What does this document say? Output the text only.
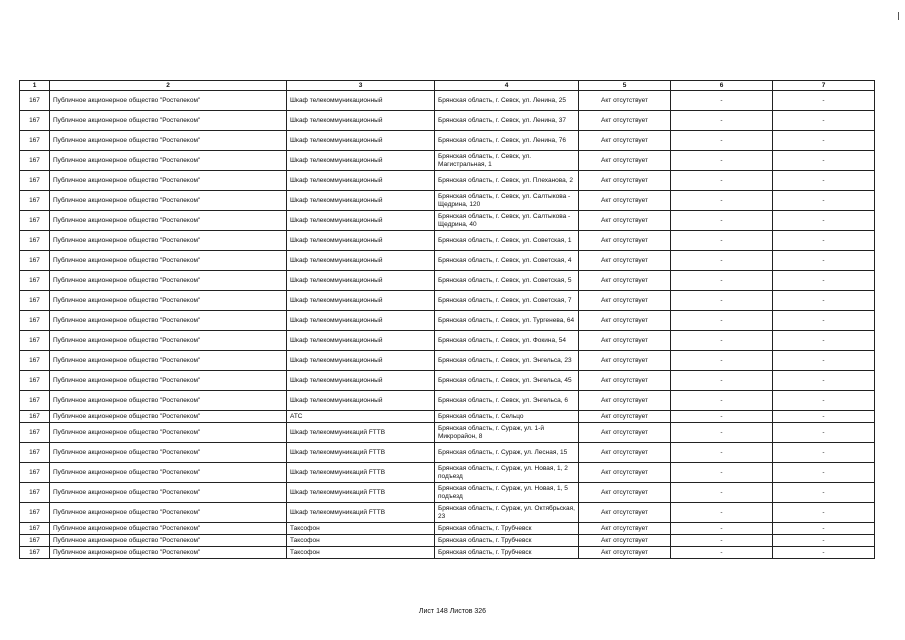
1	2	3	4	5	6	7
167	Публичное акционерное общество "Ростелеком"	Шкаф телекоммуникационный	Брянская область, г. Севск, ул. Ленина, 25	Акт отсутствует	-	-
167	Публичное акционерное общество "Ростелеком"	Шкаф телекоммуникационный	Брянская область, г. Севск, ул. Ленина, 37	Акт отсутствует	-	-
167	Публичное акционерное общество "Ростелеком"	Шкаф телекоммуникационный	Брянская область, г. Севск, ул. Ленина, 76	Акт отсутствует	-	-
167	Публичное акционерное общество "Ростелеком"	Шкаф телекоммуникационный	Брянская область, г. Севск, ул. Магистральная, 1	Акт отсутствует	-	-
167	Публичное акционерное общество "Ростелеком"	Шкаф телекоммуникационный	Брянская область, г. Севск, ул. Плеханова, 2	Акт отсутствует	-	-
167	Публичное акционерное общество "Ростелеком"	Шкаф телекоммуникационный	Брянская область, г. Севск, ул. Салтыкова - Щедрина, 120	Акт отсутствует	-	-
167	Публичное акционерное общество "Ростелеком"	Шкаф телекоммуникационный	Брянская область, г. Севск, ул. Салтыкова - Щедрина, 40	Акт отсутствует	-	-
167	Публичное акционерное общество "Ростелеком"	Шкаф телекоммуникационный	Брянская область, г. Севск, ул. Советская, 1	Акт отсутствует	-	-
167	Публичное акционерное общество "Ростелеком"	Шкаф телекоммуникационный	Брянская область, г. Севск, ул. Советская, 4	Акт отсутствует	-	-
167	Публичное акционерное общество "Ростелеком"	Шкаф телекоммуникационный	Брянская область, г. Севск, ул. Советская, 5	Акт отсутствует	-	-
167	Публичное акционерное общество "Ростелеком"	Шкаф телекоммуникационный	Брянская область, г. Севск, ул. Советская, 7	Акт отсутствует	-	-
167	Публичное акционерное общество "Ростелеком"	Шкаф телекоммуникационный	Брянская область, г. Севск, ул. Тургенева, 64	Акт отсутствует	-	-
167	Публичное акционерное общество "Ростелеком"	Шкаф телекоммуникационный	Брянская область, г. Севск, ул. Фокина, 54	Акт отсутствует	-	-
167	Публичное акционерное общество "Ростелеком"	Шкаф телекоммуникационный	Брянская область, г. Севск, ул. Энгельса, 23	Акт отсутствует	-	-
167	Публичное акционерное общество "Ростелеком"	Шкаф телекоммуникационный	Брянская область, г. Севск, ул. Энгельса, 45	Акт отсутствует	-	-
167	Публичное акционерное общество "Ростелеком"	Шкаф телекоммуникационный	Брянская область, г. Севск, ул. Энгельса, 6	Акт отсутствует	-	-
167	Публичное акционерное общество "Ростелеком"	АТС	Брянская область, г. Сельцо	Акт отсутствует	-	-
167	Публичное акционерное общество "Ростелеком"	Шкаф телекоммуникаций FTTB	Брянская область, г. Сураж, ул. 1-й Микрорайон, 8	Акт отсутствует	-	-
167	Публичное акционерное общество "Ростелеком"	Шкаф телекоммуникаций FTTB	Брянская область, г. Сураж, ул. Лесная, 15	Акт отсутствует	-	-
167	Публичное акционерное общество "Ростелеком"	Шкаф телекоммуникаций FTTB	Брянская область, г. Сураж, ул. Новая, 1, 2 подъезд	Акт отсутствует	-	-
167	Публичное акционерное общество "Ростелеком"	Шкаф телекоммуникаций FTTB	Брянская область, г. Сураж, ул. Новая, 1, 5 подъезд	Акт отсутствует	-	-
167	Публичное акционерное общество "Ростелеком"	Шкаф телекоммуникаций FTTB	Брянская область, г. Сураж, ул. Октябрьская, 23	Акт отсутствует	-	-
167	Публичное акционерное общество "Ростелеком"	Таксофон	Брянская область, г. Трубчевск	Акт отсутствует	-	-
167	Публичное акционерное общество "Ростелеком"	Таксофон	Брянская область, г. Трубчевск	Акт отсутствует	-	-
167	Публичное акционерное общество "Ростелеком"	Таксофон	Брянская область, г. Трубчевск	Акт отсутствует	-	-
Лист 148 Листов 326
